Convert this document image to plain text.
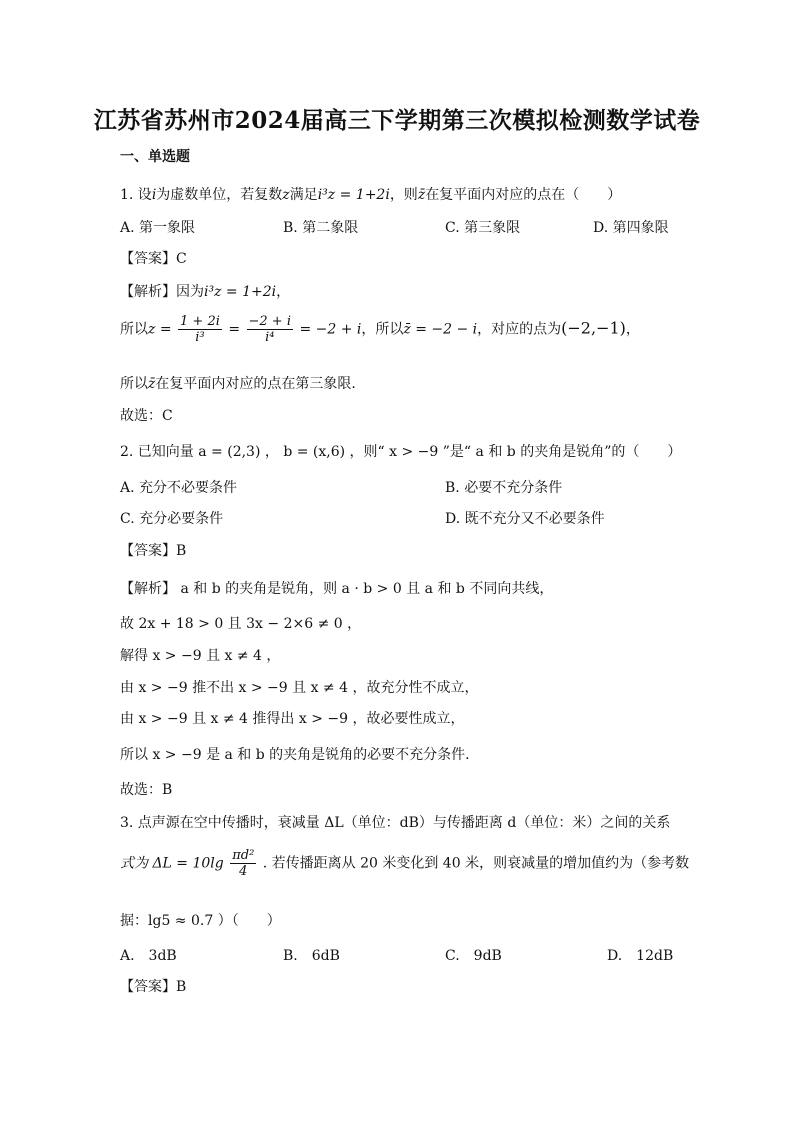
江苏省苏州市2024届高三下学期第三次模拟检测数学试卷
一、单选题
1. 设i为虚数单位，若复数z满足i³z = 1+2i，则z̄在复平面内对应的点在（　　）
A. 第一象限	B. 第二象限	C. 第三象限	D. 第四象限
【答案】C
【解析】因为i³z = 1+2i，
所以$z = \frac{1 + 2i}{\text{i³}} = \frac{-2 + i}{\text{i⁴}} = -2 + i$，所以z̄ = −2 − i，对应的点为(−2,−1)，
所以z̄在复平面内对应的点在第三象限.
故选：C
2. 已知向量 a = (2,3) ， b = (x,6) ，则“ x > −9 ”是“ a 和 b 的夹角是锐角”的（　　）
A. 充分不必要条件	B. 必要不充分条件
C. 充分必要条件	D. 既不充分又不必要条件
【答案】B
【解析】 a 和 b 的夹角是锐角，则 a · b > 0 且 a 和 b 不同向共线，
故 2x + 18 > 0 且 3x − 2×6 ≠ 0 ，
解得 x > −9 且 x ≠ 4 ，
由 x > −9 推不出 x > −9 且 x ≠ 4 ，故充分性不成立，
由 x > −9 且 x ≠ 4 推得出 x > −9 ，故必要性成立，
所以 x > −9 是 a 和 b 的夹角是锐角的必要不充分条件.
故选：B
3. 点声源在空中传播时，衰减量 ΔL（单位：dB）与传播距离 d（单位：米）之间的关系
式为 $\Delta L = 10\lg \frac{\text{πd²}}{4}$ . 若传播距离从 20 米变化到 40 米，则衰减量的增加值约为（参考数
据：lg5 ≈ 0.7 ）（　　）
A.　3dB	B.　6dB	C.　9dB	D.　12dB
【答案】B
